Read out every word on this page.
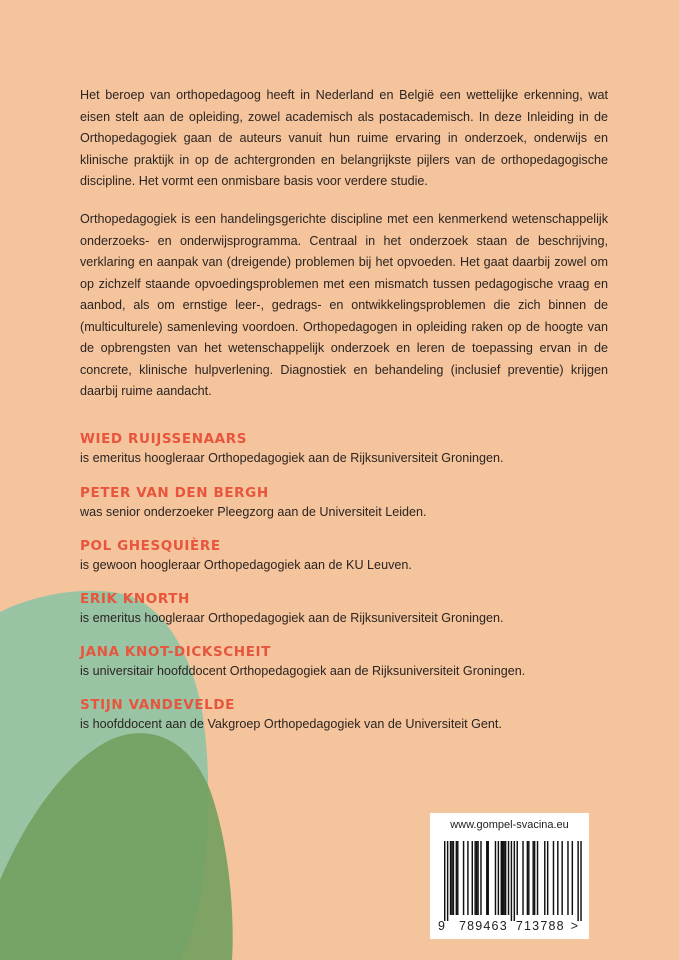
Het beroep van orthopedagoog heeft in Nederland en België een wettelijke erkenning, wat eisen stelt aan de opleiding, zowel academisch als postacademisch. In deze Inleiding in de Orthopedagogiek gaan de auteurs vanuit hun ruime ervaring in onderzoek, onderwijs en klinische praktijk in op de achtergronden en belangrijkste pijlers van de orthopedagogische discipline. Het vormt een onmisbare basis voor verdere studie.

Orthopedagogiek is een handelingsgerichte discipline met een kenmerkend wetenschappelijk onderzoeks- en onderwijsprogramma. Centraal in het onderzoek staan de beschrijving, verklaring en aanpak van (dreigende) problemen bij het opvoeden. Het gaat daarbij zowel om op zichzelf staande opvoedingsproblemen met een mismatch tussen pedagogische vraag en aanbod, als om ernstige leer-, gedrags- en ontwikkelingsproblemen die zich binnen de (multiculturele) samenleving voordoen. Orthopedagogen in opleiding raken op de hoogte van de opbrengsten van het wetenschappelijk onderzoek en leren de toepassing ervan in de concrete, klinische hulpverlening. Diagnostiek en behandeling (inclusief preventie) krijgen daarbij ruime aandacht.

WIED RUIJSSENAARS
is emeritus hoogleraar Orthopedagogiek aan de Rijksuniversiteit Groningen.
PETER VAN DEN BERGH
was senior onderzoeker Pleegzorg aan de Universiteit Leiden.
POL GHESQUIÈRE
is gewoon hoogleraar Orthopedagogiek aan de KU Leuven.
ERIK KNORTH
is emeritus hoogleraar Orthopedagogiek aan de Rijksuniversiteit Groningen.
JANA KNOT-DICKSCHEIT
is universitair hoofddocent Orthopedagogiek aan de Rijksuniversiteit Groningen.
STIJN VANDEVELDE
is hoofddocent aan de Vakgroep Orthopedagogiek van de Universiteit Gent.
www.gompel-svacina.eu
9 789463 713788 >
